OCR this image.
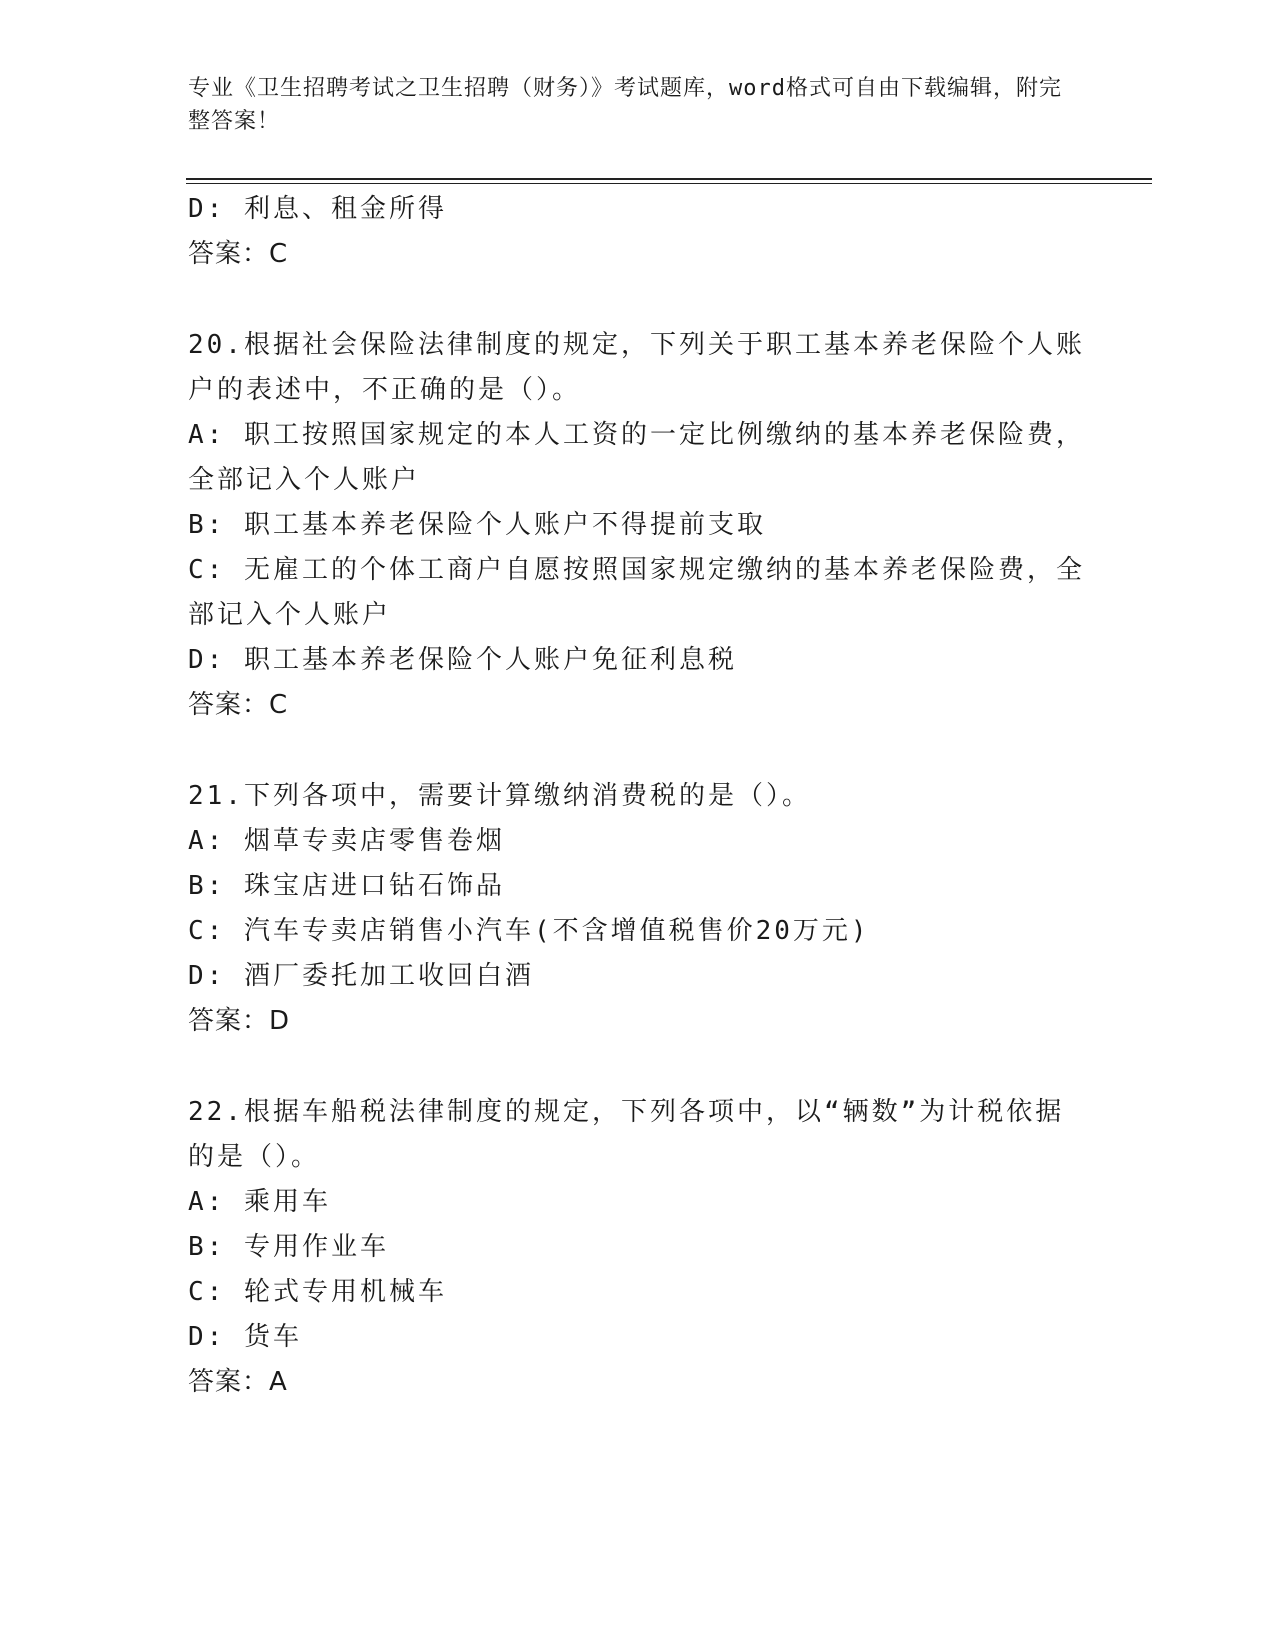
专业《卫生招聘考试之卫生招聘（财务）》考试题库，word格式可自由下载编辑，附完整答案！
D: 利息、租金所得
答案：C
20.根据社会保险法律制度的规定，下列关于职工基本养老保险个人账
户的表述中，不正确的是（）。
A: 职工按照国家规定的本人工资的一定比例缴纳的基本养老保险费，
全部记入个人账户
B: 职工基本养老保险个人账户不得提前支取
C: 无雇工的个体工商户自愿按照国家规定缴纳的基本养老保险费，全
部记入个人账户
D: 职工基本养老保险个人账户免征利息税
答案：C
21.下列各项中，需要计算缴纳消费税的是（）。
A: 烟草专卖店零售卷烟
B: 珠宝店进口钻石饰品
C: 汽车专卖店销售小汽车(不含增值税售价20万元)
D: 酒厂委托加工收回白酒
答案：D
22.根据车船税法律制度的规定，下列各项中，以“辆数”为计税依据
的是（）。
A: 乘用车
B: 专用作业车
C: 轮式专用机械车
D: 货车
答案：A
